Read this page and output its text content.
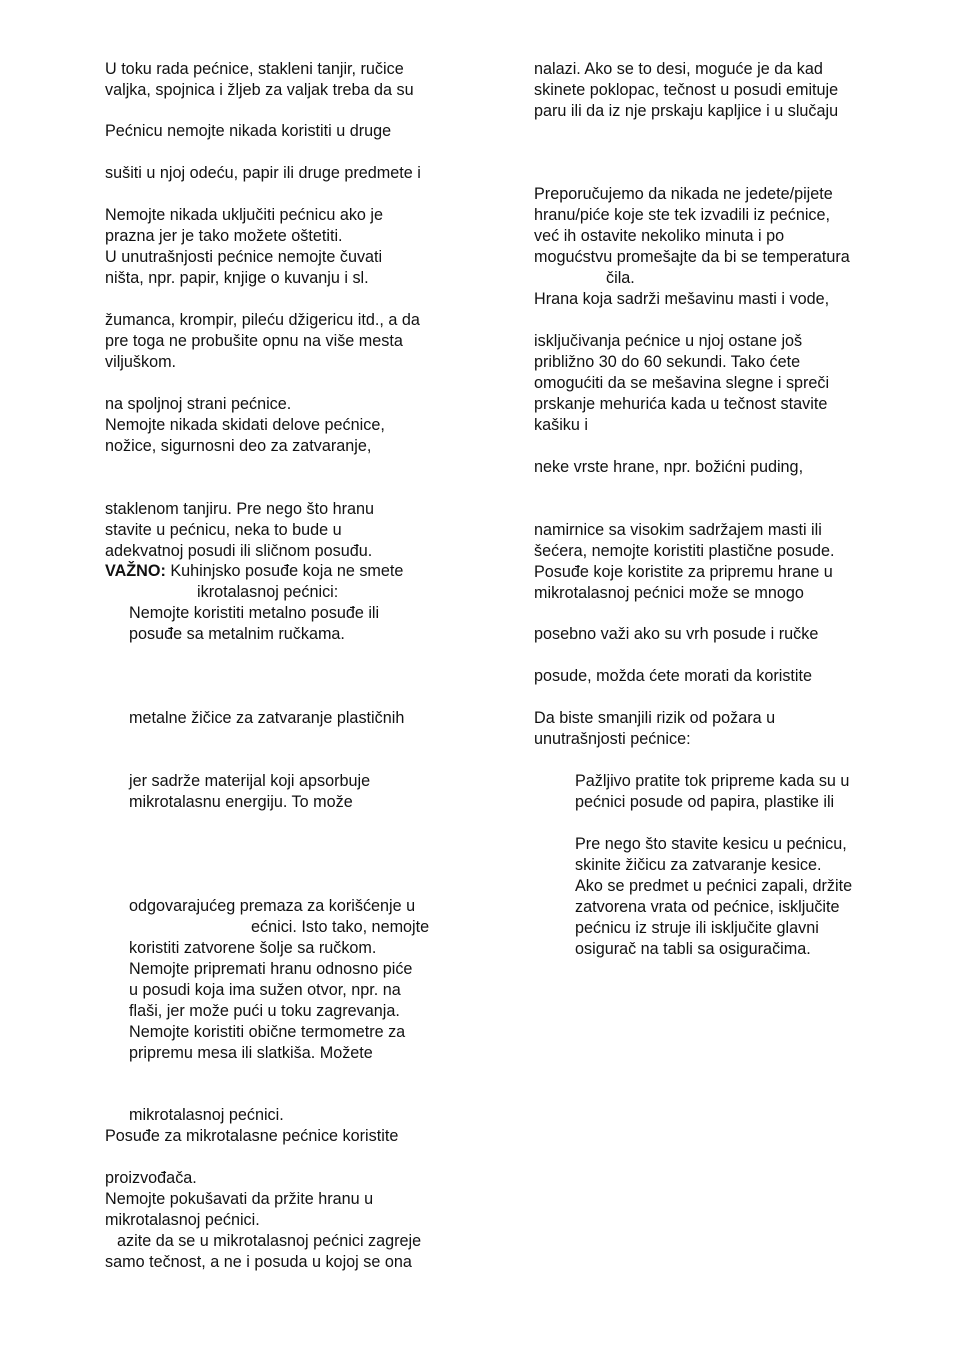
U toku rada pećnice, stakleni tanjir, ručice

valjka, spojnica i žljeb za valjak treba da su

Pećnicu nemojte nikada koristiti u druge

sušiti u njoj odeću, papir ili druge predmete i

Nemojte nikada uključiti pećnicu ako je

prazna jer je tako možete oštetiti.

U unutrašnjosti pećnice nemojte čuvati

ništa, npr. papir, knjige o kuvanju i sl.

žumanca, krompir, pileću džigericu itd., a da

pre toga ne probušite opnu na više mesta

viljuškom.

na spoljnoj strani pećnice.

Nemojte nikada skidati delove pećnice,

nožice, sigurnosni deo za zatvaranje,

staklenom tanjiru. Pre nego što hranu

stavite u pećnicu, neka to bude u

adekvatnoj posudi ili sličnom posuđu.

VAŽNO: Kuhinjsko posuđe koja ne smete

ikrotalasnoj pećnici:

Nemojte koristiti metalno posuđe ili

posuđe sa metalnim ručkama.

metalne žičice za zatvaranje plastičnih

jer sadrže materijal koji apsorbuje

mikrotalasnu energiju. To može

odgovarajućeg premaza za korišćenje u

ećnici. Isto tako, nemojte

koristiti zatvorene šolje sa ručkom.

Nemojte pripremati hranu odnosno piće

u posudi koja ima sužen otvor, npr. na

flaši, jer može pući u toku zagrevanja.

Nemojte koristiti obične termometre za

pripremu mesa ili slatkiša. Možete

mikrotalasnoj pećnici.

Posuđe za mikrotalasne pećnice koristite

proizvođača.

Nemojte pokušavati da pržite hranu u

mikrotalasnoj pećnici.

azite da se u mikrotalasnoj pećnici zagreje

samo tečnost, a ne i posuda u kojoj se ona

nalazi. Ako se to desi, moguće je da kad

skinete poklopac, tečnost u posudi emituje

paru ili da iz nje prskaju kapljice i u slučaju

Preporučujemo da nikada ne jedete/pijete

hranu/piće koje ste tek izvadili iz pećnice,

već ih ostavite nekoliko minuta i po

mogućstvu promešajte da bi se temperatura

čila.

Hrana koja sadrži mešavinu masti i vode,

isključivanja pećnice u njoj ostane još

približno 30 do 60 sekundi. Tako ćete

omogućiti da se mešavina slegne i spreči

prskanje mehurića kada u tečnost stavite

kašiku i

neke vrste hrane, npr. božićni puding,

namirnice sa visokim sadržajem masti ili

šećera, nemojte koristiti plastične posude.

Posuđe koje koristite za pripremu hrane u

mikrotalasnoj pećnici može se mnogo

posebno važi ako su vrh posude i ručke

posude, možda ćete morati da koristite

Da biste smanjili rizik od požara u

unutrašnjosti pećnice:

Pažljivo pratite tok pripreme kada su u

pećnici posude od papira, plastike ili

Pre nego što stavite kesicu u pećnicu,

skinite žičicu za zatvaranje kesice.

Ako se predmet u pećnici zapali, držite

zatvorena vrata od pećnice, isključite

pećnicu iz struje ili isključite glavni

osigurač na tabli sa osiguračima.
